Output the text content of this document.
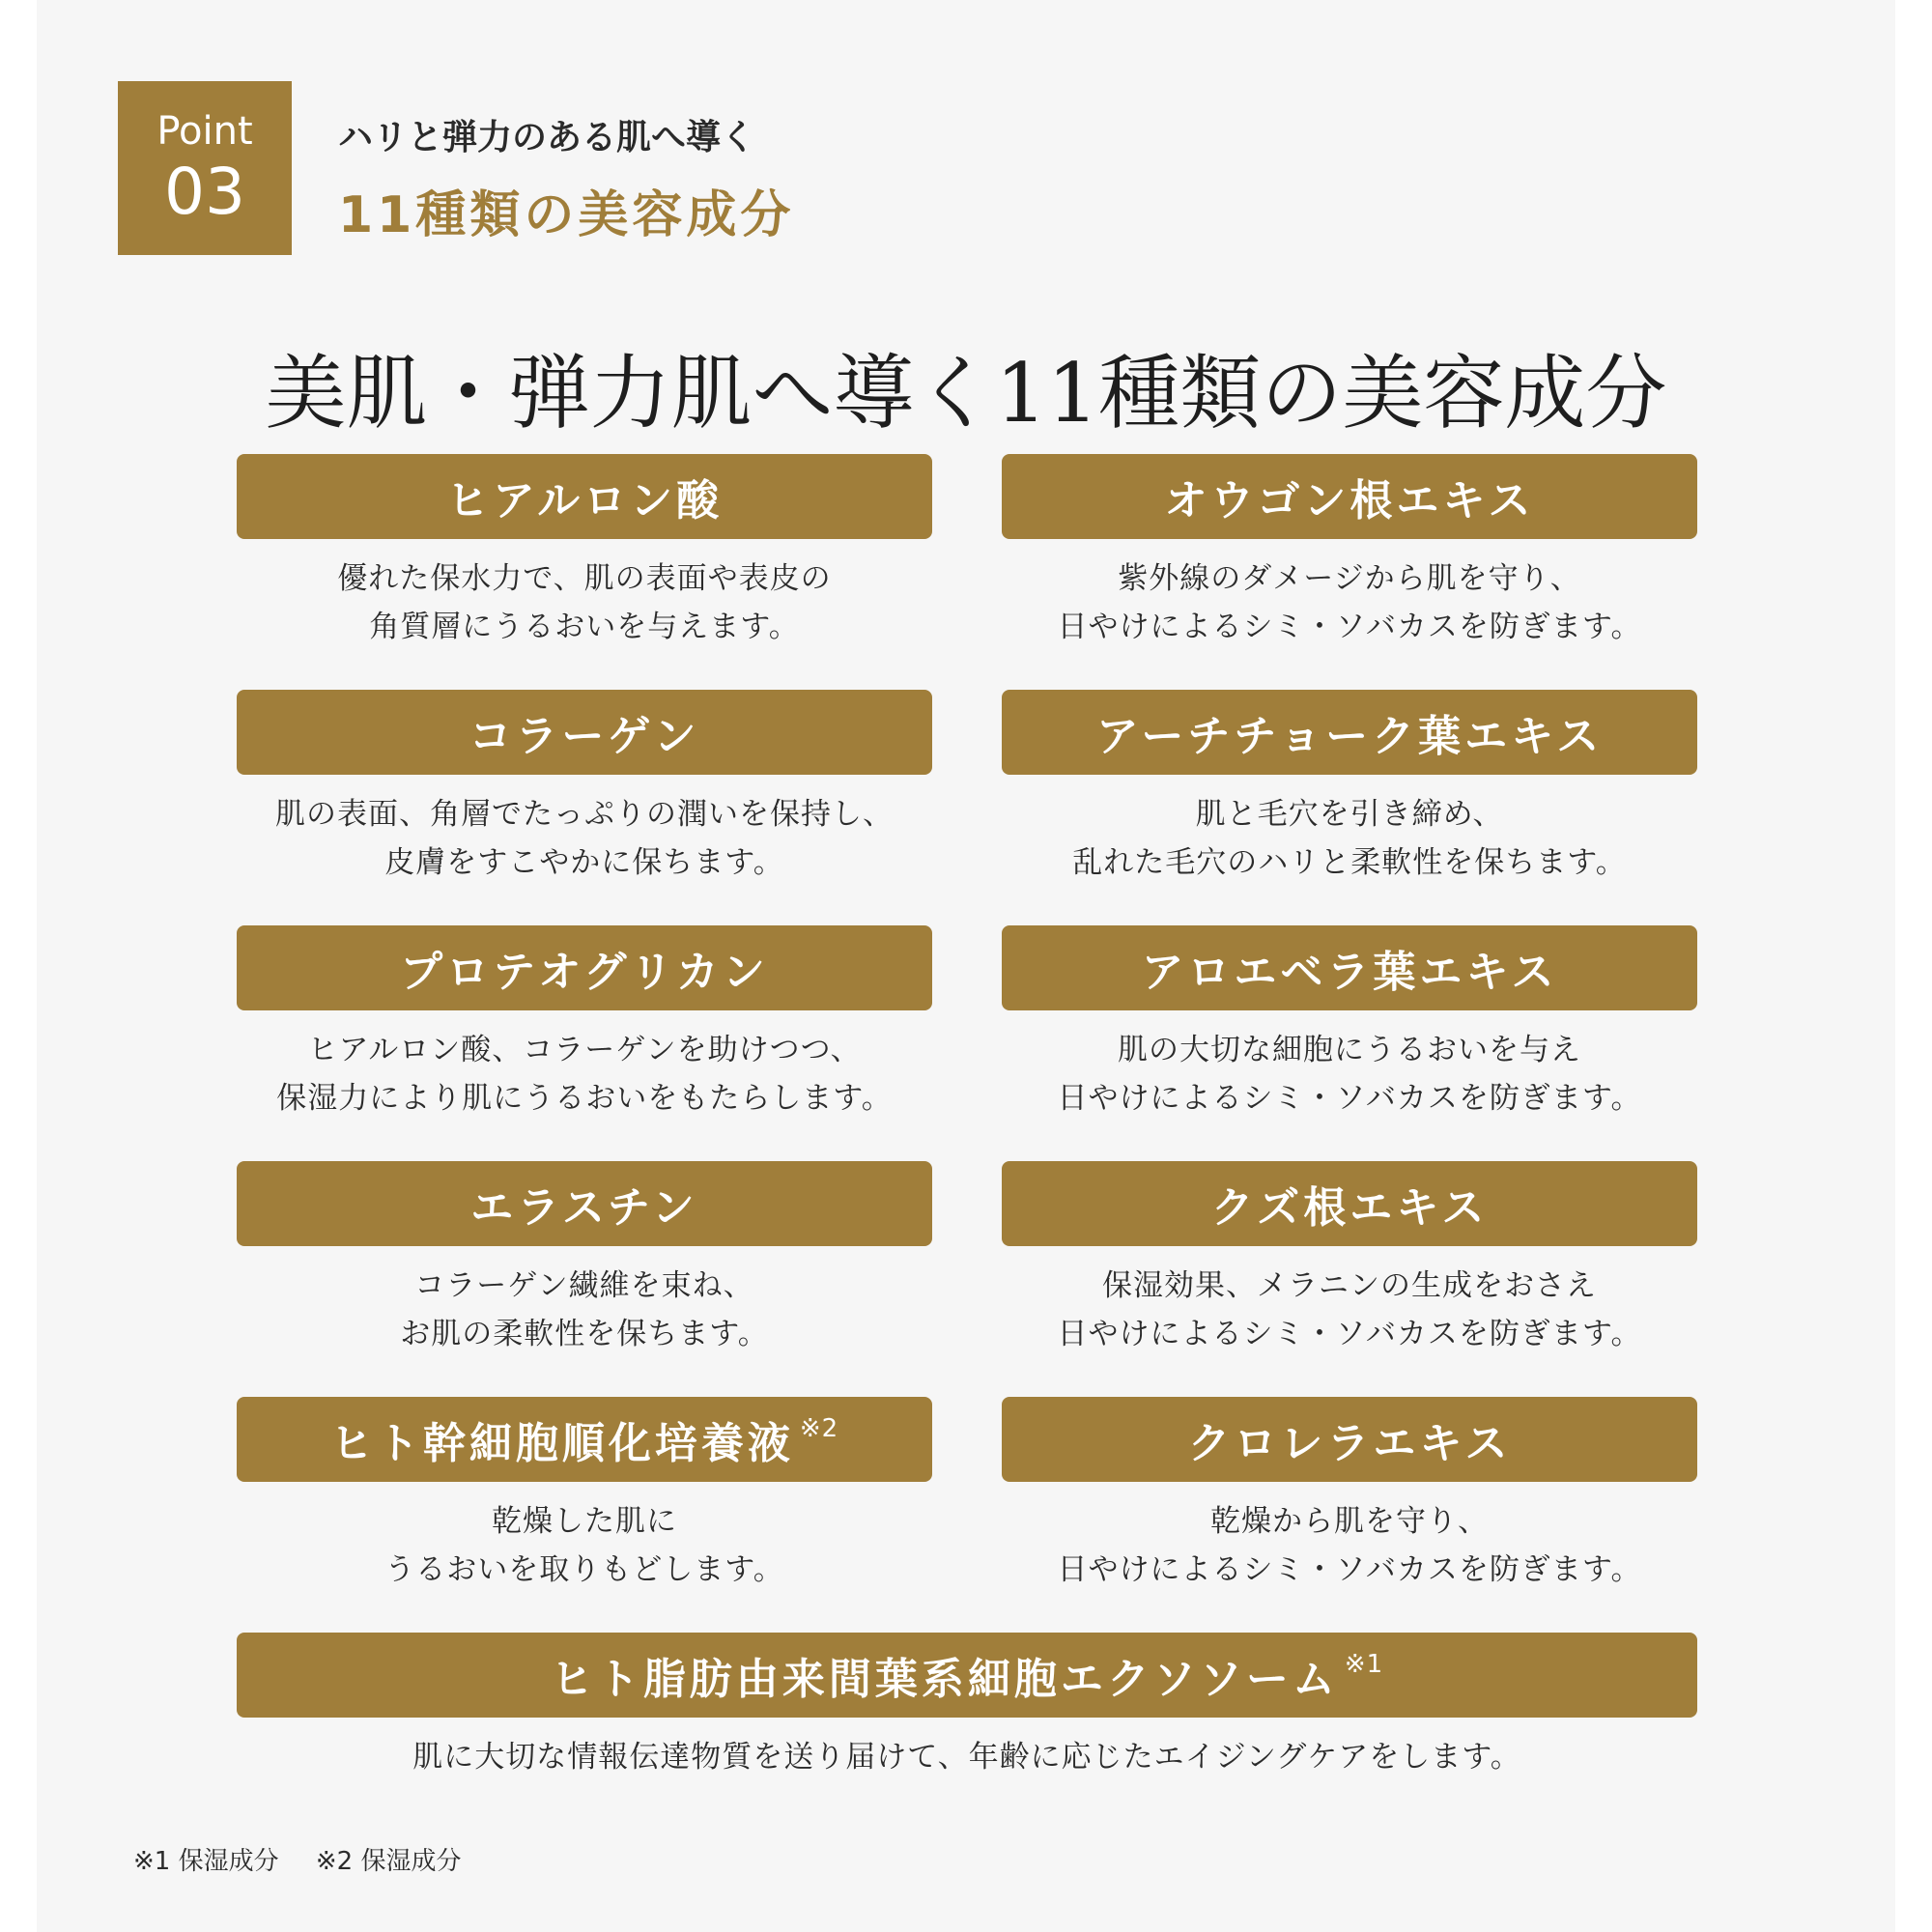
Point
03
ハリと弾力のある肌へ導く
11種類の美容成分
美肌・弾力肌へ導く11種類の美容成分
ヒアルロン酸
優れた保水力で、肌の表面や表皮の
角質層にうるおいを与えます。
オウゴン根エキス
紫外線のダメージから肌を守り、
日やけによるシミ・ソバカスを防ぎます。
コラーゲン
肌の表面、角層でたっぷりの潤いを保持し、
皮膚をすこやかに保ちます。
アーチチョーク葉エキス
肌と毛穴を引き締め、
乱れた毛穴のハリと柔軟性を保ちます。
プロテオグリカン
ヒアルロン酸、コラーゲンを助けつつ、
保湿力により肌にうるおいをもたらします。
アロエベラ葉エキス
肌の大切な細胞にうるおいを与え
日やけによるシミ・ソバカスを防ぎます。
エラスチン
コラーゲン繊維を束ね、
お肌の柔軟性を保ちます。
クズ根エキス
保湿効果、メラニンの生成をおさえ
日やけによるシミ・ソバカスを防ぎます。
ヒト幹細胞順化培養液 ※2
乾燥した肌に
うるおいを取りもどします。
クロレラエキス
乾燥から肌を守り、
日やけによるシミ・ソバカスを防ぎます。
ヒト脂肪由来間葉系細胞エクソソーム ※1
肌に大切な情報伝達物質を送り届けて、年齢に応じたエイジングケアをします。
※1 保湿成分 ※2 保湿成分
